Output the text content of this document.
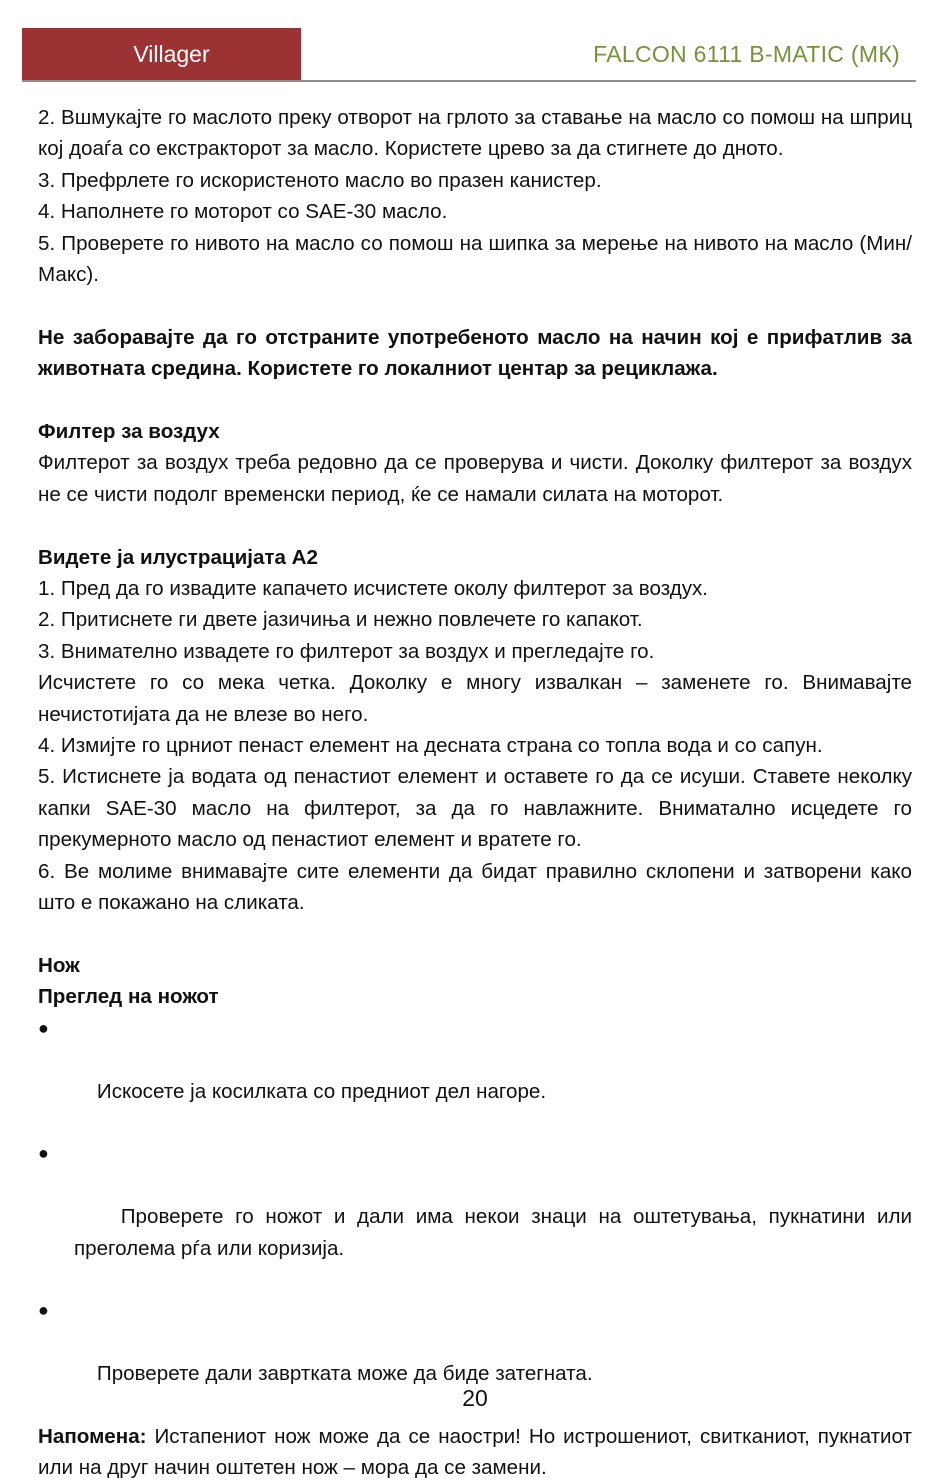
Villager	FALCON 6111 B-MATIC (МК)

2. Вшмукајте го маслото преку отворот на грлото за ставање на масло со помош на шприц кој доаѓа со екстракторот за масло. Користете црево за да стигнете до дното.

3. Префрлете го искористеното масло во празен канистер.

4. Наполнете го моторот со SAE-30 масло.

5. Проверете го нивото на масло со помош на шипка за мерење на нивото на масло (Мин/Макс).

Не заборавајте да го отстраните употребеното масло на начин кој е прифатлив за животната средина. Користете го локалниот центар за рециклажа.

Филтер за воздух

Филтерот за воздух треба редовно да се проверува и чисти. Доколку филтерот за воздух не се чисти подолг временски период, ќе се намали силата на моторот.

Видете ја илустрацијата A2

1. Пред да го извадите капачето исчистете околу филтерот за воздух.

2. Притиснете ги двете јазичиња и нежно повлечете го капакот.

3. Внимателно извадете го филтерот за воздух и прегледајте го.

Исчистете го со мека четка. Доколку е многу извалкан – заменете го. Внимавајте нечистотијата да не влезе во него.

4. Измијте го црниот пенаст елемент на десната страна со топла вода и со сапун.

5. Истиснете ја водата од пенастиот елемент и оставете го да се исуши. Ставете неколку капки SAE-30 масло на филтерот, за да го навлажните. Вниматално исцедете го прекумерното масло од пенастиот елемент и вратете го.

6. Ве молиме внимавајте сите елементи да бидат правилно склопени и затворени како што е покажано на сликата.

Нож

Преглед на ножот

●

Искосете ја косилката со предниот дел нагоре.

●

Проверете го ножот и дали има некои знаци на оштетувања, пукнатини или преголема рѓа или коризија.

●

Проверете дали завртката може да биде затегната.

Напомена: Истапениот нож може да се наостри! Но истрошениот, свитканиот, пукнатиот или на друг начин оштетен нож – мора да се замени.

20
